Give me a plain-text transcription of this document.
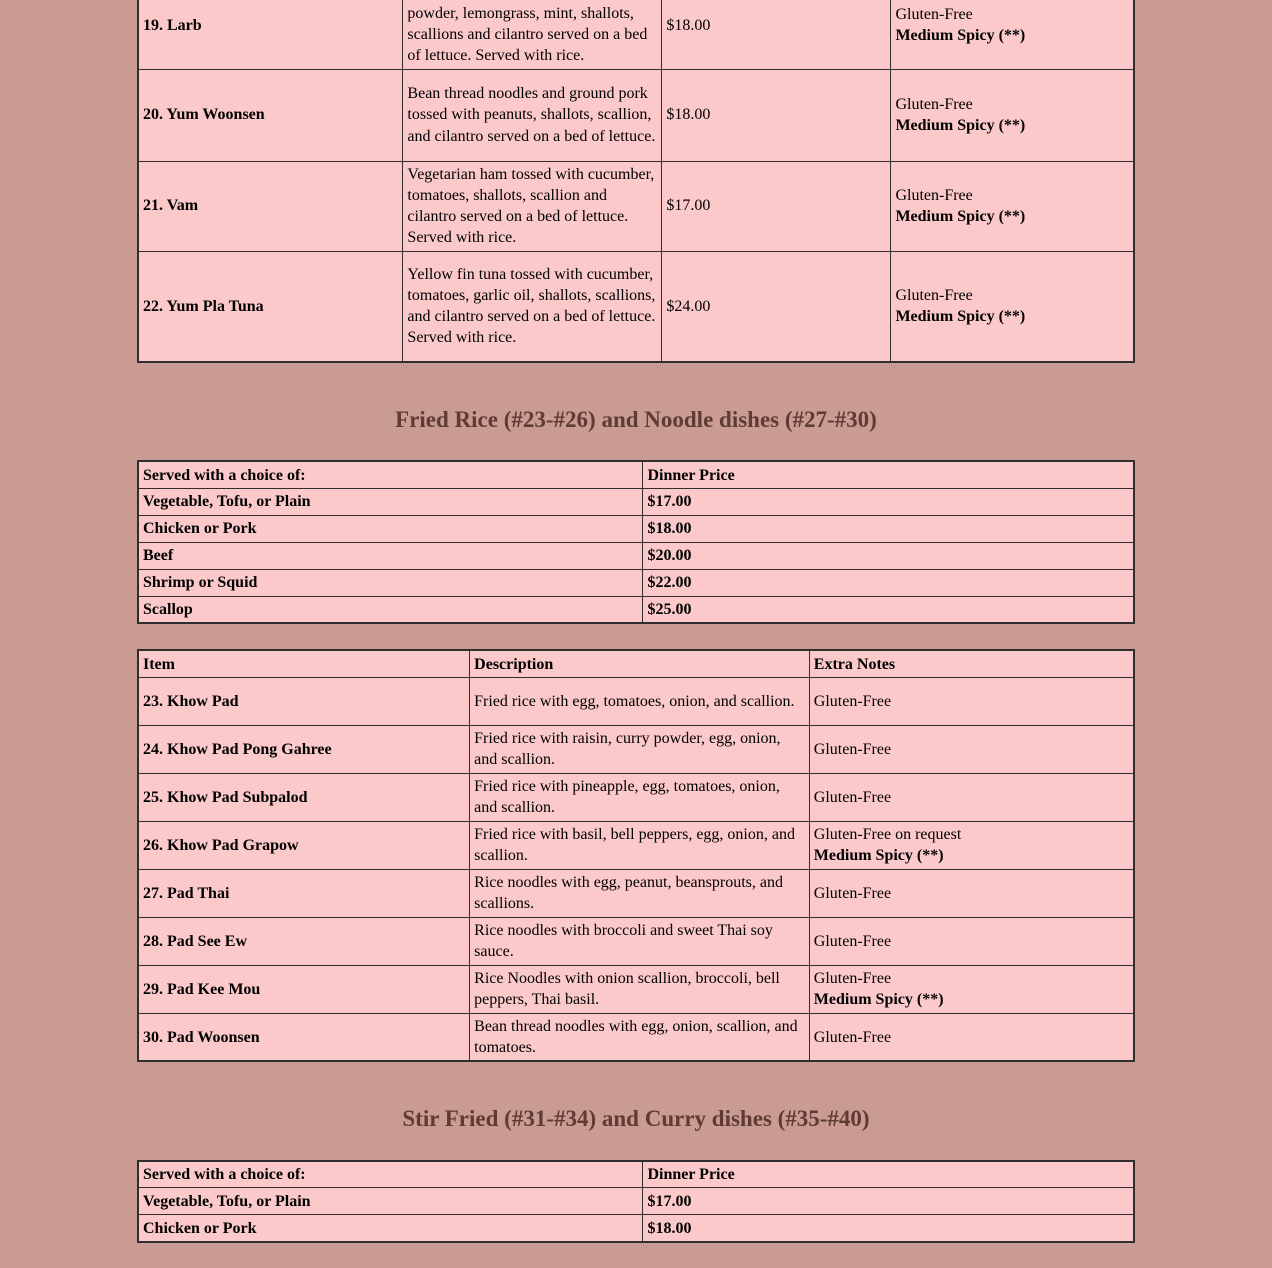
19. Larb	powder, lemongrass, mint, shallots, scallions and cilantro served on a bed of lettuce. Served with rice.	$18.00	Gluten-Free
Medium Spicy (**)

20. Yum Woonsen	Bean thread noodles and ground pork tossed with peanuts, shallots, scallion, and cilantro served on a bed of lettuce.	$18.00	Gluten-Free
Medium Spicy (**)

21. Vam	Vegetarian ham tossed with cucumber, tomatoes, shallots, scallion and cilantro served on a bed of lettuce. Served with rice.	$17.00	Gluten-Free
Medium Spicy (**)

22. Yum Pla Tuna	Yellow fin tuna tossed with cucumber, tomatoes, garlic oil, shallots, scallions, and cilantro served on a bed of lettuce. Served with rice.	$24.00	Gluten-Free
Medium Spicy (**)
Fried Rice (#23-#26) and Noodle dishes (#27-#30)
Served with a choice of:	Dinner Price
Vegetable, Tofu, or Plain	$17.00
Chicken or Pork	$18.00
Beef	$20.00
Shrimp or Squid	$22.00
Scallop	$25.00
Item	Description	Extra Notes
23. Khow Pad	Fried rice with egg, tomatoes, onion, and scallion.	Gluten-Free

24. Khow Pad Pong Gahree	Fried rice with raisin, curry powder, egg, onion, and scallion.	Gluten-Free

25. Khow Pad Subpalod	Fried rice with pineapple, egg, tomatoes, onion, and scallion.	Gluten-Free

26. Khow Pad Grapow	Fried rice with basil, bell peppers, egg, onion, and scallion.	Gluten-Free on request
Medium Spicy (**)

27. Pad Thai	Rice noodles with egg, peanut, beansprouts, and scallions.	Gluten-Free

28. Pad See Ew	Rice noodles with broccoli and sweet Thai soy sauce.	Gluten-Free

29. Pad Kee Mou	Rice Noodles with onion scallion, broccoli, bell peppers, Thai basil.	Gluten-Free
Medium Spicy (**)

30. Pad Woonsen	Bean thread noodles with egg, onion, scallion, and tomatoes.	Gluten-Free
Stir Fried (#31-#34) and Curry dishes (#35-#40)
Served with a choice of:	Dinner Price
Vegetable, Tofu, or Plain	$17.00
Chicken or Pork	$18.00
